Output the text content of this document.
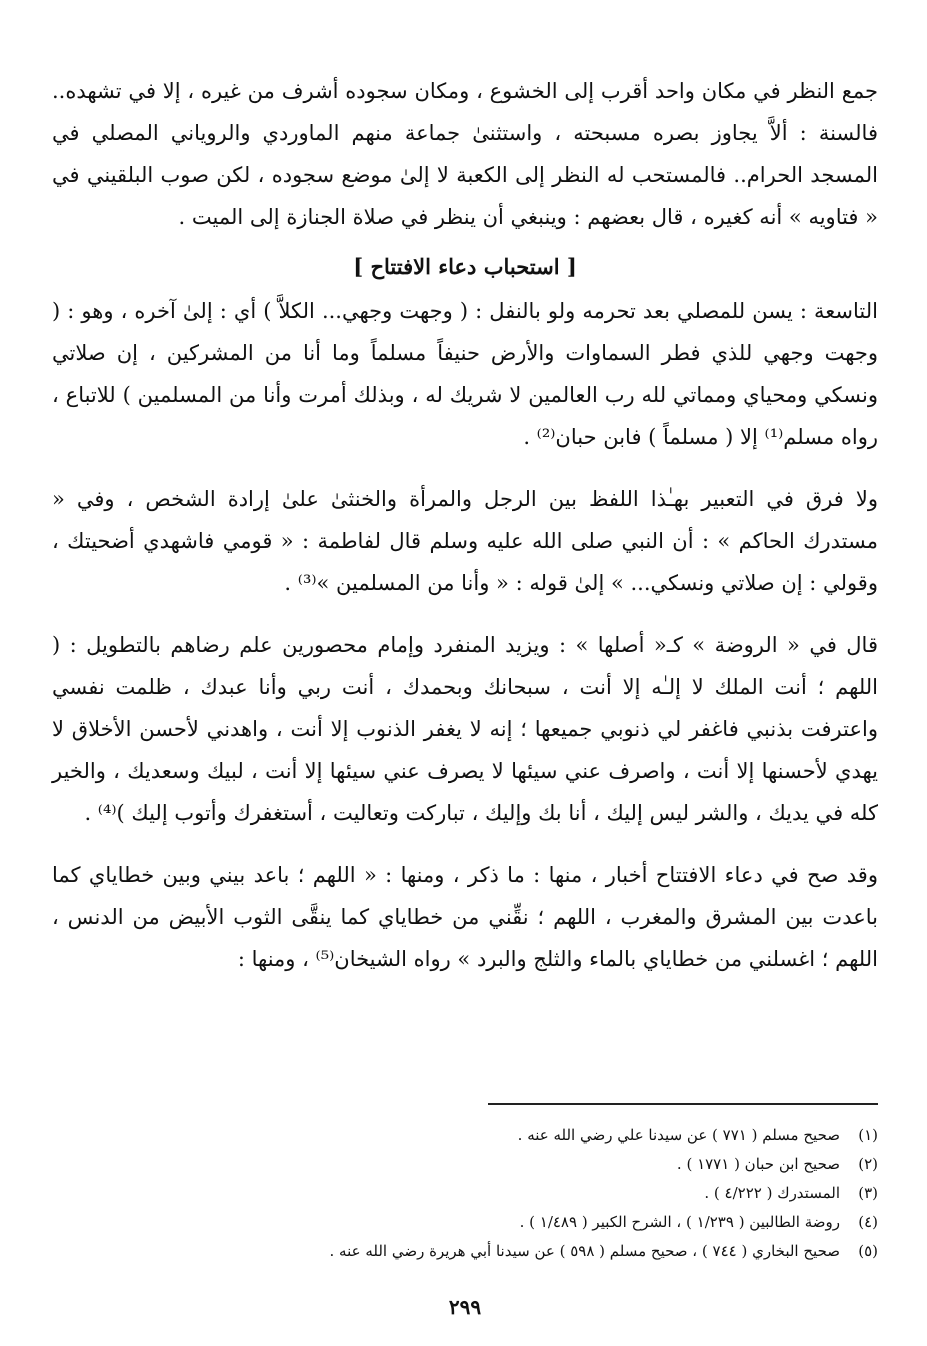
جمع النظر في مكان واحد أقرب إلى الخشوع ، ومكان سجوده أشرف من غيره ، إلا في تشهده.. فالسنة : ألاَّ يجاوز بصره مسبحته ، واستثنىٰ جماعة منهم الماوردي والروياني المصلي في المسجد الحرام.. فالمستحب له النظر إلى الكعبة لا إلىٰ موضع سجوده ، لكن صوب البلقيني في « فتاويه » أنه كغيره ، قال بعضهم : وينبغي أن ينظر في صلاة الجنازة إلى الميت .

[ استحباب دعاء الافتتاح ]

التاسعة : يسن للمصلي بعد تحرمه ولو بالنفل : ( وجهت وجهي... الكلاَّ ) أي : إلىٰ آخره ، وهو : ( وجهت وجهي للذي فطر السماوات والأرض حنيفاً مسلماً وما أنا من المشركين ، إن صلاتي ونسكي ومحياي ومماتي لله رب العالمين لا شريك له ، وبذلك أمرت وأنا من المسلمين ) للاتباع ، رواه مسلم⁽¹⁾ إلا ( مسلماً ) فابن حبان⁽²⁾ .

ولا فرق في التعبير بهـٰذا اللفظ بين الرجل والمرأة والخنثىٰ علىٰ إرادة الشخص ، وفي « مستدرك الحاكم » : أن النبي صلى الله عليه وسلم قال لفاطمة : « قومي فاشهدي أضحيتك ، وقولي : إن صلاتي ونسكي... » إلىٰ قوله : « وأنا من المسلمين »⁽³⁾ .

قال في « الروضة » كـ« أصلها » : ويزيد المنفرد وإمام محصورين علم رضاهم بالتطويل : ( اللهم ؛ أنت الملك لا إلـٰه إلا أنت ، سبحانك وبحمدك ، أنت ربي وأنا عبدك ، ظلمت نفسي واعترفت بذنبي فاغفر لي ذنوبي جميعها ؛ إنه لا يغفر الذنوب إلا أنت ، واهدني لأحسن الأخلاق لا يهدي لأحسنها إلا أنت ، واصرف عني سيئها لا يصرف عني سيئها إلا أنت ، لبيك وسعديك ، والخير كله في يديك ، والشر ليس إليك ، أنا بك وإليك ، تباركت وتعاليت ، أستغفرك وأتوب إليك )⁽⁴⁾ .

وقد صح في دعاء الافتتاح أخبار ، منها : ما ذكر ، ومنها : « اللهم ؛ باعد بيني وبين خطاياي كما باعدت بين المشرق والمغرب ، اللهم ؛ نقِّني من خطاياي كما ينقَّى الثوب الأبيض من الدنس ، اللهم ؛ اغسلني من خطاياي بالماء والثلج والبرد » رواه الشيخان⁽⁵⁾ ، ومنها :

(١)
صحيح مسلم ( ٧٧١ ) عن سيدنا علي رضي الله عنه .
(٢)
صحيح ابن حبان ( ١٧٧١ ) .
(٣)
المستدرك ( ٤/٢٢٢ ) .
(٤)
روضة الطالبين ( ١/٢٣٩ ) ، الشرح الكبير ( ١/٤٨٩ ) .
(٥)
صحيح البخاري ( ٧٤٤ ) ، صحيح مسلم ( ٥٩٨ ) عن سيدنا أبي هريرة رضي الله عنه .
٢٩٩
